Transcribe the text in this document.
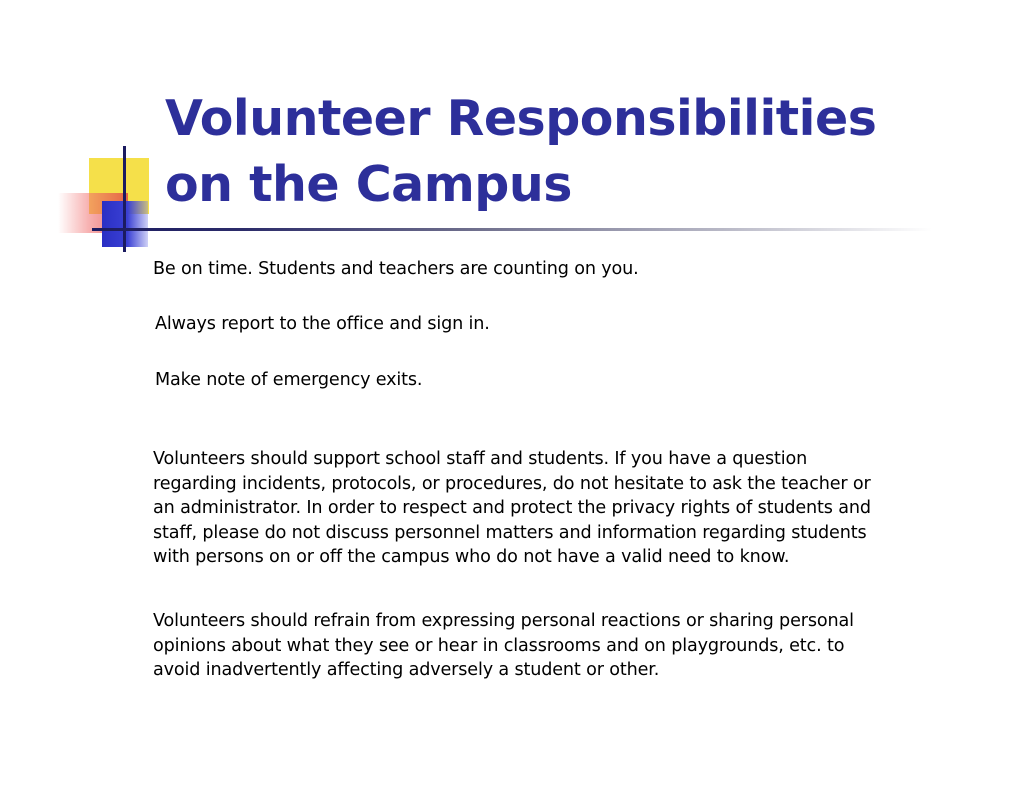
Volunteer Responsibilities on the Campus
Be on time. Students and teachers are counting on you.
Always report to the office and sign in.
Make note of emergency exits.

Volunteers should support school staff and students. If you have a question regarding incidents, protocols, or procedures, do not hesitate to ask the teacher or an administrator. In order to respect and protect the privacy rights of students and staff, please do not discuss personnel matters and information regarding students with persons on or off the campus who do not have a valid need to know.

Volunteers should refrain from expressing personal reactions or sharing personal opinions about what they see or hear in classrooms and on playgrounds, etc. to avoid inadvertently affecting adversely a student or other.
